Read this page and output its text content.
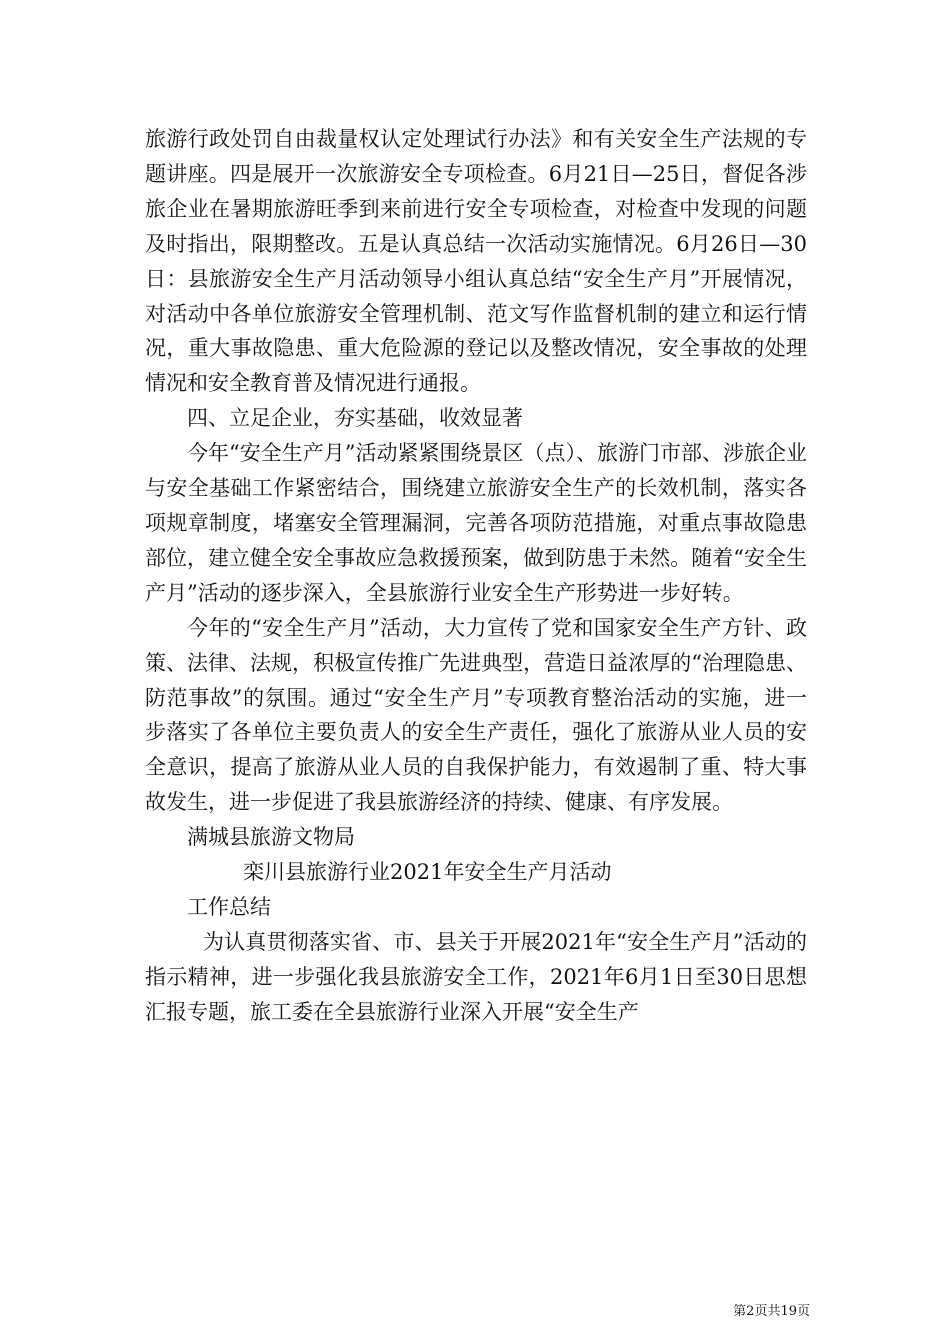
旅游行政处罚自由裁量权认定处理试行办法》和有关安全生产法规的专题讲座。四是展开一次旅游安全专项检查。6月21日—25日，督促各涉旅企业在暑期旅游旺季到来前进行安全专项检查，对检查中发现的问题及时指出，限期整改。五是认真总结一次活动实施情况。6月26日—30日：县旅游安全生产月活动领导小组认真总结“安全生产月”开展情况，对活动中各单位旅游安全管理机制、范文写作监督机制的建立和运行情况，重大事故隐患、重大危险源的登记以及整改情况，安全事故的处理情况和安全教育普及情况进行通报。

四、立足企业，夯实基础，收效显著

今年“安全生产月”活动紧紧围绕景区（点）、旅游门市部、涉旅企业与安全基础工作紧密结合，围绕建立旅游安全生产的长效机制，落实各项规章制度，堵塞安全管理漏洞，完善各项防范措施，对重点事故隐患部位，建立健全安全事故应急救援预案，做到防患于未然。随着“安全生产月”活动的逐步深入，全县旅游行业安全生产形势进一步好转。

今年的“安全生产月”活动，大力宣传了党和国家安全生产方针、政策、法律、法规，积极宣传推广先进典型，营造日益浓厚的“治理隐患、防范事故”的氛围。通过“安全生产月”专项教育整治活动的实施，进一步落实了各单位主要负责人的安全生产责任，强化了旅游从业人员的安全意识，提高了旅游从业人员的自我保护能力，有效遏制了重、特大事故发生，进一步促进了我县旅游经济的持续、健康、有序发展。

满城县旅游文物局

栾川县旅游行业2021年安全生产月活动

工作总结

为认真贯彻落实省、市、县关于开展2021年“安全生产月”活动的指示精神，进一步强化我县旅游安全工作，2021年6月1日至30日思想汇报专题，旅工委在全县旅游行业深入开展“安全生产

第2页共19页
